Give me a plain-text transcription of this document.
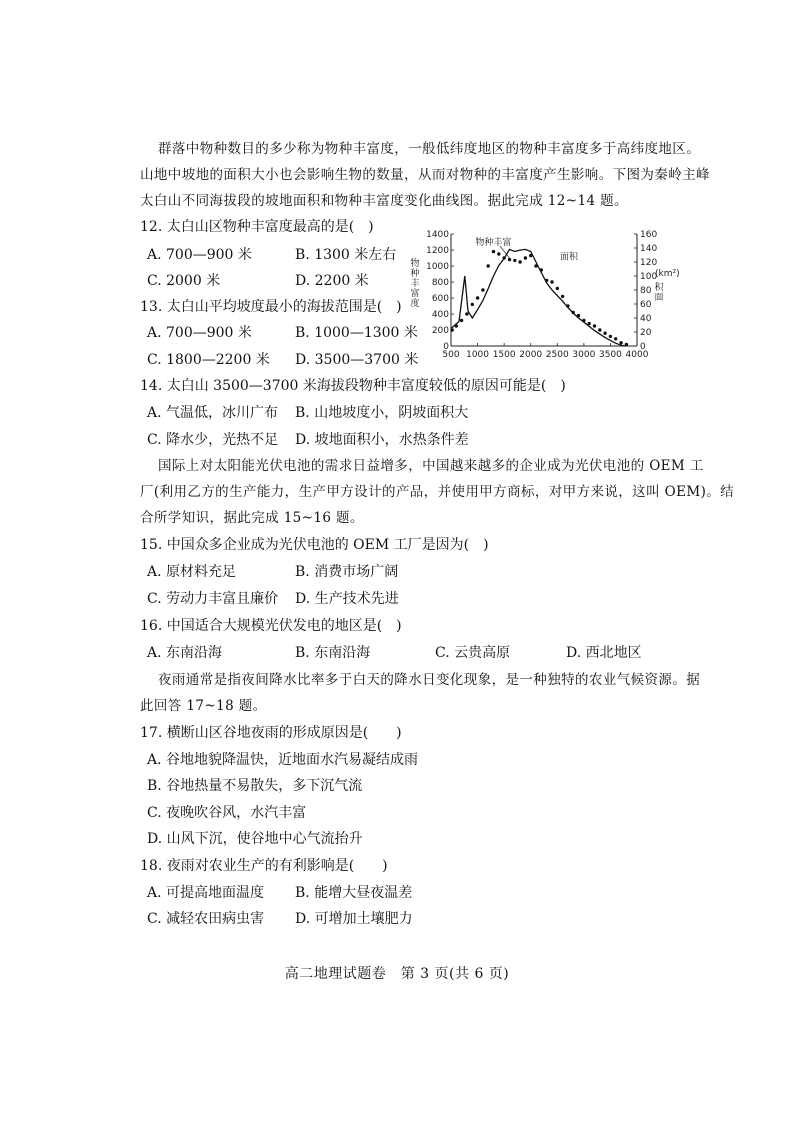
群落中物种数目的多少称为物种丰富度，一般低纬度地区的物种丰富度多于高纬度地区。
山地中坡地的面积大小也会影响生物的数量，从而对物种的丰富度产生影响。下图为秦岭主峰
太白山不同海拔段的坡地面积和物种丰富度变化曲线图。据此完成 12~14 题。
12. 太白山区物种丰富度最高的是(　)
A. 700—900 米	B. 1300 米左右
C. 2000 米	D. 2200 米
13. 太白山平均坡度最小的海拔范围是(　)
A. 700—900 米	B. 1000—1300 米
C. 1800—2200 米 D. 3500—3700 米
0
200
400
600
800
1000
1200
1400
0
20
40
60
80
100
120
140
160
500 1000 1500 2000 2500 3000 3500 4000
物
种
丰
富
度
(km²)
积
面
物种丰富
面积
14. 太白山 3500—3700 米海拔段物种丰富度较低的原因可能是(　)
A. 气温低，冰川广布 B. 山地坡度小，阴坡面积大
C. 降水少，光热不足 D. 坡地面积小，水热条件差
国际上对太阳能光伏电池的需求日益增多，中国越来越多的企业成为光伏电池的 OEM 工
厂(利用乙方的生产能力，生产甲方设计的产品，并使用甲方商标，对甲方来说，这叫 OEM)。结
合所学知识，据此完成 15~16 题。
15. 中国众多企业成为光伏电池的 OEM 工厂是因为(　)
A. 原材料充足	B. 消费市场广阔
C. 劳动力丰富且廉价 D. 生产技术先进
16. 中国适合大规模光伏发电的地区是(　)
A. 东南沿海	B. 东南沿海	C. 云贵高原	D. 西北地区
夜雨通常是指夜间降水比率多于白天的降水日变化现象，是一种独特的农业气候资源。据
此回答 17~18 题。
17. 横断山区谷地夜雨的形成原因是(　　)
A. 谷地地貌降温快，近地面水汽易凝结成雨
B. 谷地热量不易散失，多下沉气流
C. 夜晚吹谷风，水汽丰富
D. 山风下沉，使谷地中心气流抬升
18. 夜雨对农业生产的有利影响是(　　)
A. 可提高地面温度 B. 能增大昼夜温差
C. 减轻农田病虫害 D. 可增加土壤肥力
高二地理试题卷　第 3 页(共 6 页)
